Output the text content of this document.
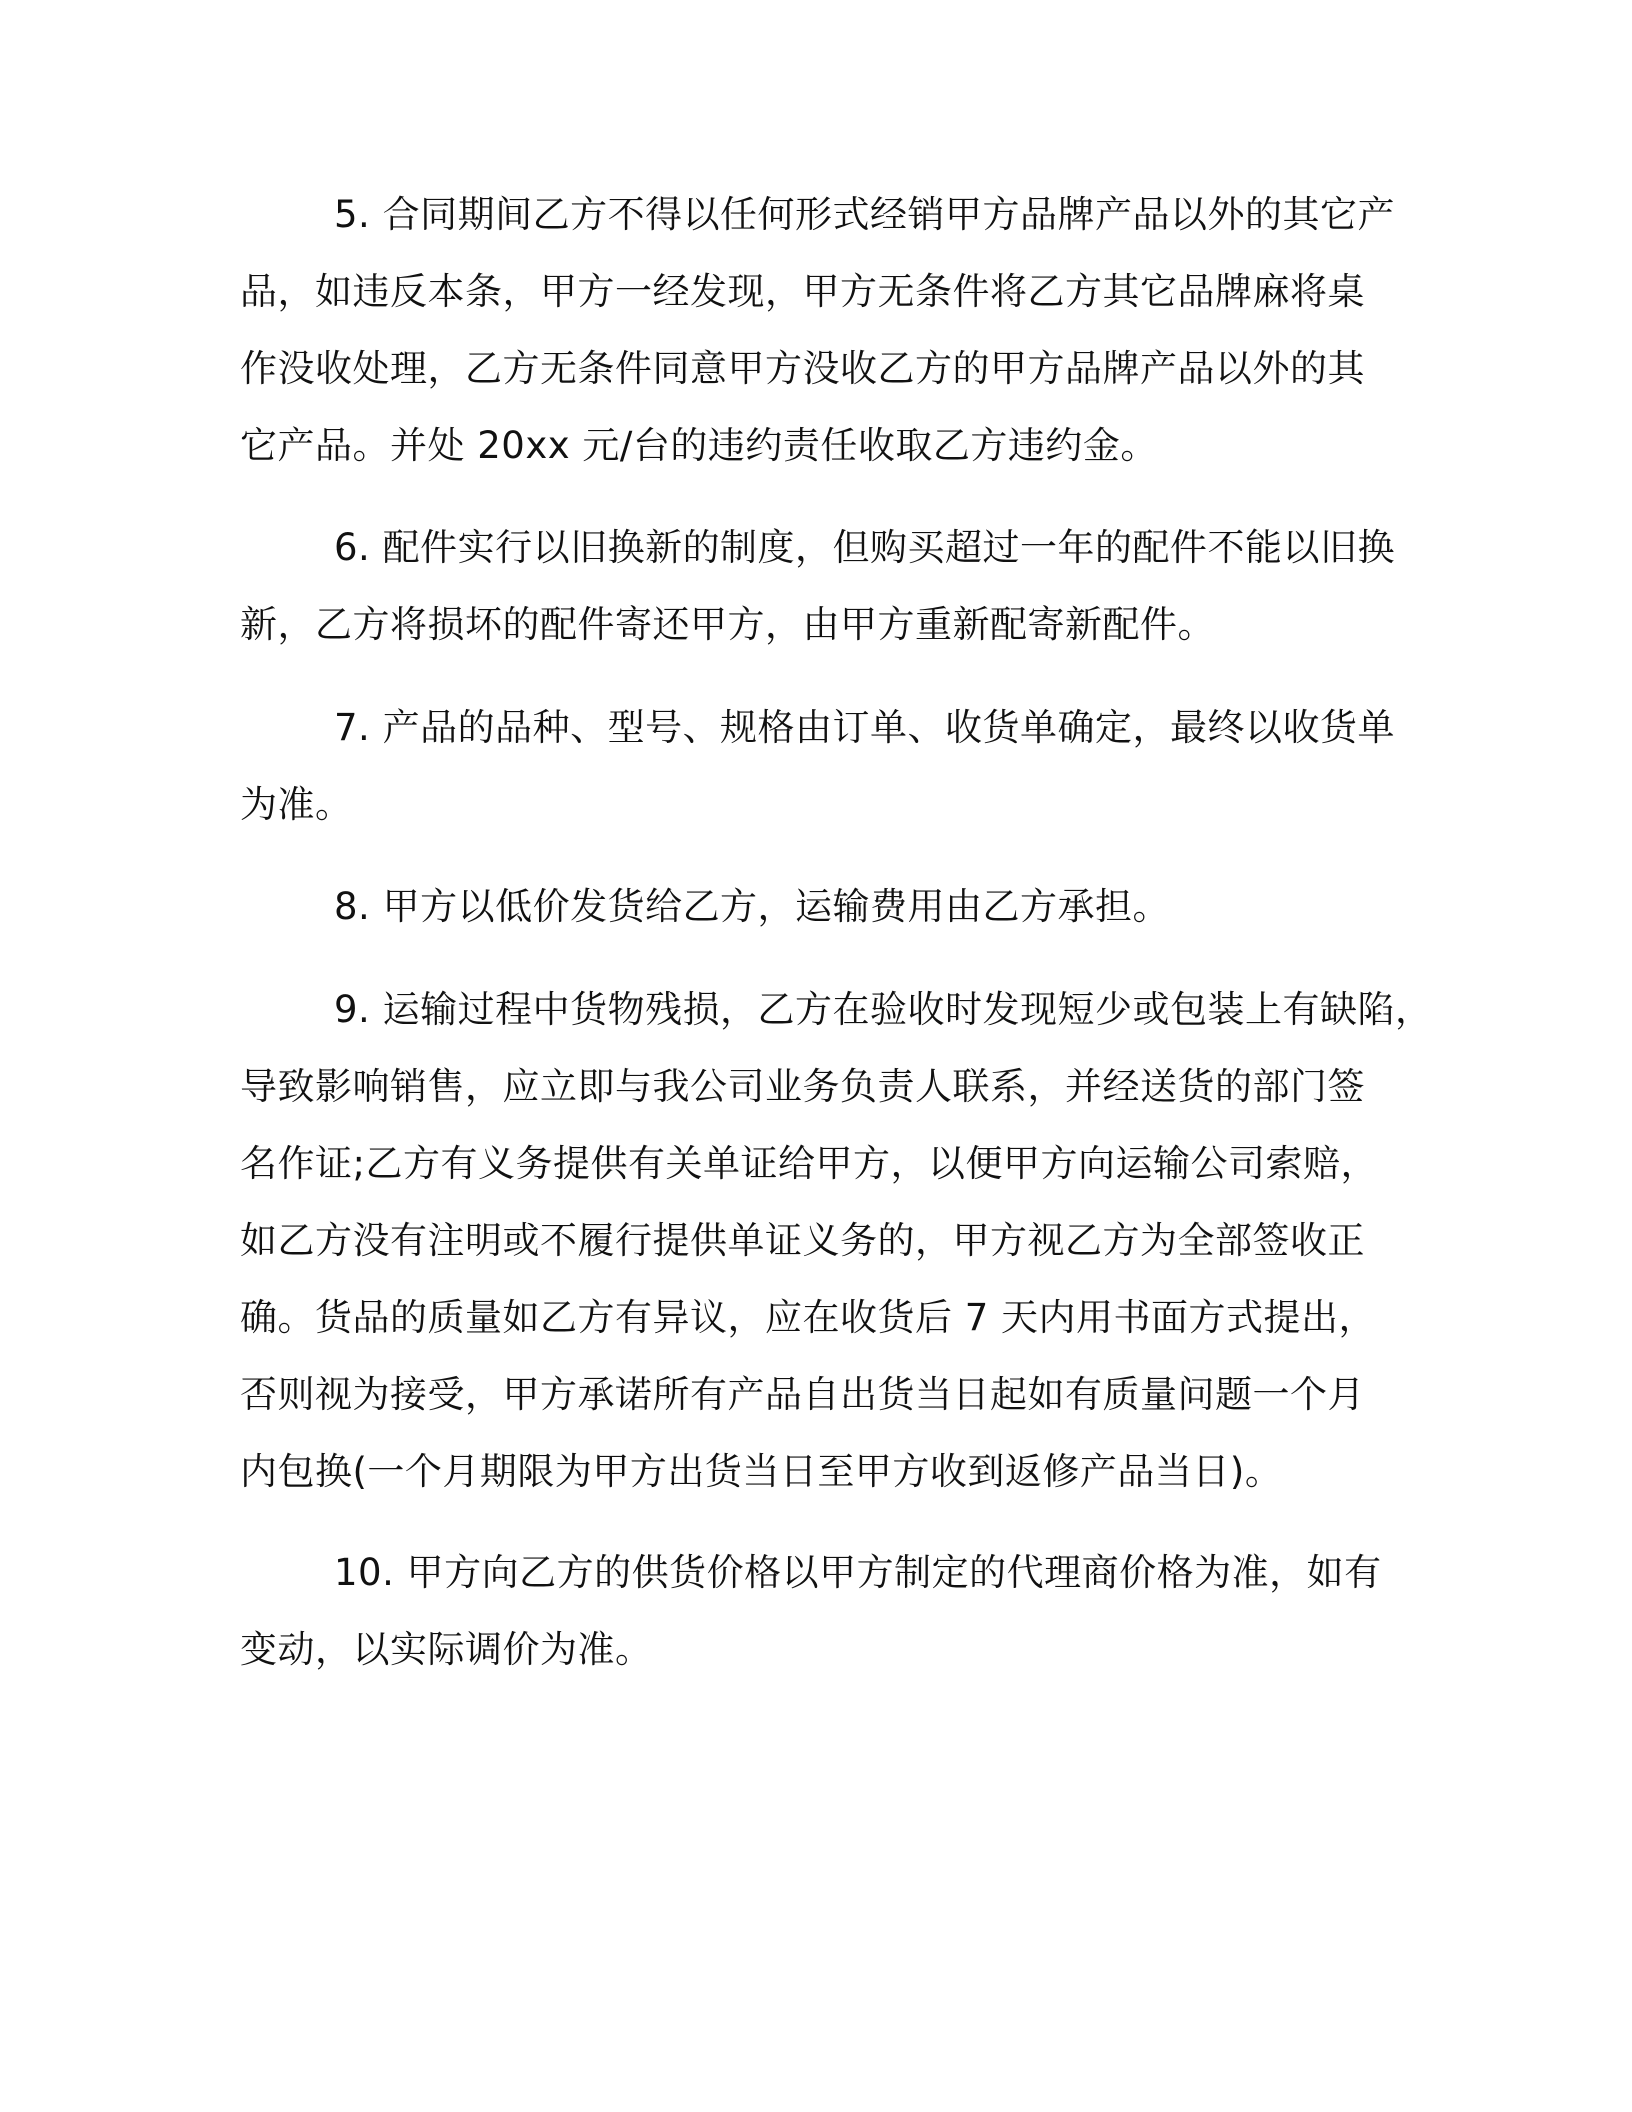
5. 合同期间乙方不得以任何形式经销甲方品牌产品以外的其它产
品，如违反本条，甲方一经发现，甲方无条件将乙方其它品牌麻将桌
作没收处理，乙方无条件同意甲方没收乙方的甲方品牌产品以外的其
它产品。并处 20xx 元/台的违约责任收取乙方违约金。
6. 配件实行以旧换新的制度，但购买超过一年的配件不能以旧换
新，乙方将损坏的配件寄还甲方，由甲方重新配寄新配件。
7. 产品的品种、型号、规格由订单、收货单确定，最终以收货单
为准。
8. 甲方以低价发货给乙方，运输费用由乙方承担。
9. 运输过程中货物残损，乙方在验收时发现短少或包装上有缺陷，
导致影响销售，应立即与我公司业务负责人联系，并经送货的部门签
名作证;乙方有义务提供有关单证给甲方，以便甲方向运输公司索赔，
如乙方没有注明或不履行提供单证义务的，甲方视乙方为全部签收正
确。货品的质量如乙方有异议，应在收货后 7 天内用书面方式提出，
否则视为接受，甲方承诺所有产品自出货当日起如有质量问题一个月
内包换(一个月期限为甲方出货当日至甲方收到返修产品当日)。
10. 甲方向乙方的供货价格以甲方制定的代理商价格为准，如有
变动，以实际调价为准。
